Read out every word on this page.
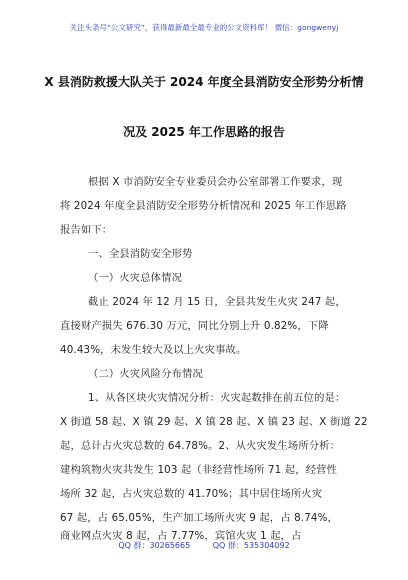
关注头条号“公文研究”，获得最新最全最专业的公文资料库！ 微信：gongwenyj
X 县消防救援大队关于 2024 年度全县消防安全形势分析情
况及 2025 年工作思路的报告
根据 X 市消防安全专业委员会办公室部署工作要求，现
将 2024 年度全县消防安全形势分析情况和 2025 年工作思路
报告如下：
一、全县消防安全形势
（一）火灾总体情况
截止 2024 年 12 月 15 日，全县共发生火灾 247 起，
直接财产损失 676.30 万元，同比分别上升 0.82%，下降
40.43%，未发生较大及以上火灾事故。
（二）火灾风险分布情况
1、从各区块火灾情况分析：火灾起数排在前五位的是：
X 街道 58 起、X 镇 29 起、X 镇 28 起、X 镇 23 起、X 街道 22
起，总计占火灾总数的 64.78%。2、从火灾发生场所分析：
建构筑物火灾共发生 103 起（非经营性场所 71 起，经营性
场所 32 起，占火灾总数的 41.70%；其中居住场所火灾
67 起，占 65.05%，生产加工场所火灾 9 起，占 8.74%，
商业网点火灾 8 起，占 7.77%，宾馆火灾 1 起，占
QQ 群：30265665	QQ 群：535304092
